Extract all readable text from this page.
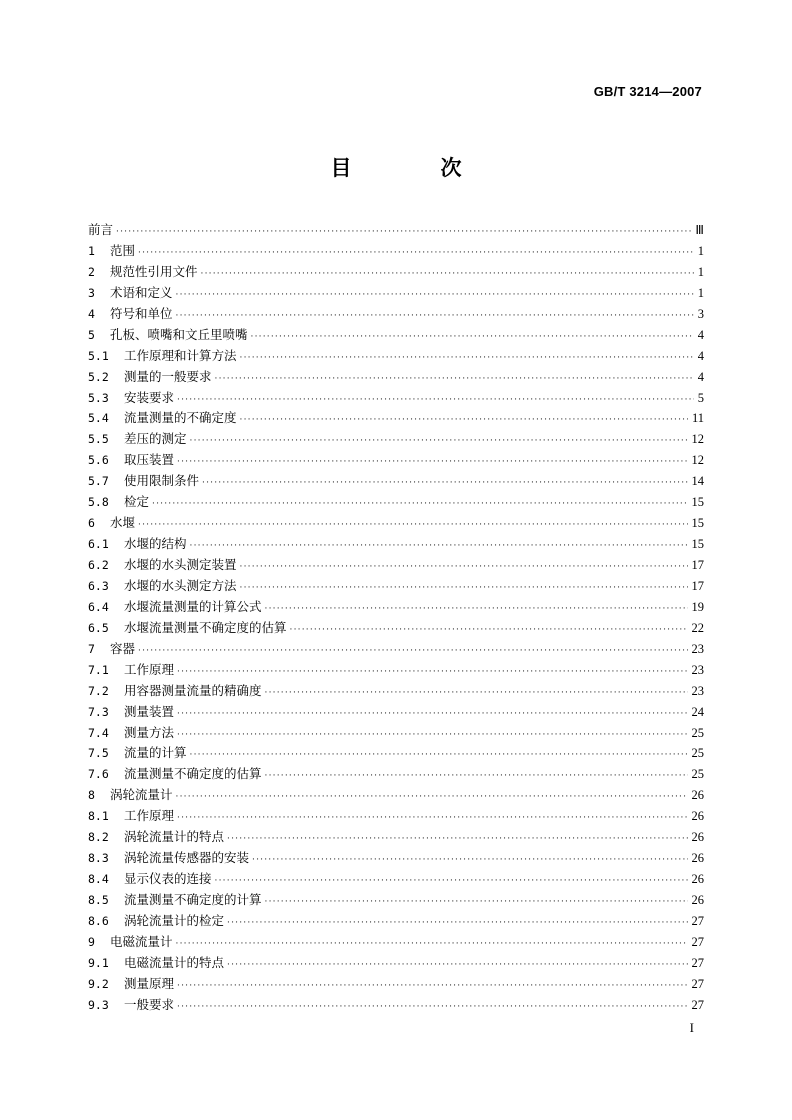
GB/T 3214—2007
目　次
前言 ·····	Ⅲ
1	范围 ·····	1
2	规范性引用文件 ·····	1
3	术语和定义 ·····	1
4	符号和单位 ·····	3
5	孔板、喷嘴和文丘里喷嘴 ·····	4
5.1	工作原理和计算方法 ·····	4
5.2	测量的一般要求 ·····	4
5.3	安装要求 ·····	5
5.4	流量测量的不确定度 ·····	11
5.5	差压的测定 ·····	12
5.6	取压装置 ·····	12
5.7	使用限制条件 ·····	14
5.8	检定 ·····	15
6	水堰 ·····	15
6.1	水堰的结构 ·····	15
6.2	水堰的水头测定装置 ·····	17
6.3	水堰的水头测定方法 ·····	17
6.4	水堰流量测量的计算公式 ·····	19
6.5	水堰流量测量不确定度的估算 ·····	22
7	容器 ·····	23
7.1	工作原理 ·····	23
7.2	用容器测量流量的精确度 ·····	23
7.3	测量装置 ·····	24
7.4	测量方法 ·····	25
7.5	流量的计算 ·····	25
7.6	流量测量不确定度的估算 ·····	25
8	涡轮流量计 ·····	26
8.1	工作原理 ·····	26
8.2	涡轮流量计的特点 ·····	26
8.3	涡轮流量传感器的安装 ·····	26
8.4	显示仪表的连接 ·····	26
8.5	流量测量不确定度的计算 ·····	26
8.6	涡轮流量计的检定 ·····	27
9	电磁流量计 ·····	27
9.1	电磁流量计的特点 ·····	27
9.2	测量原理 ·····	27
9.3	一般要求 ·····	27
I
